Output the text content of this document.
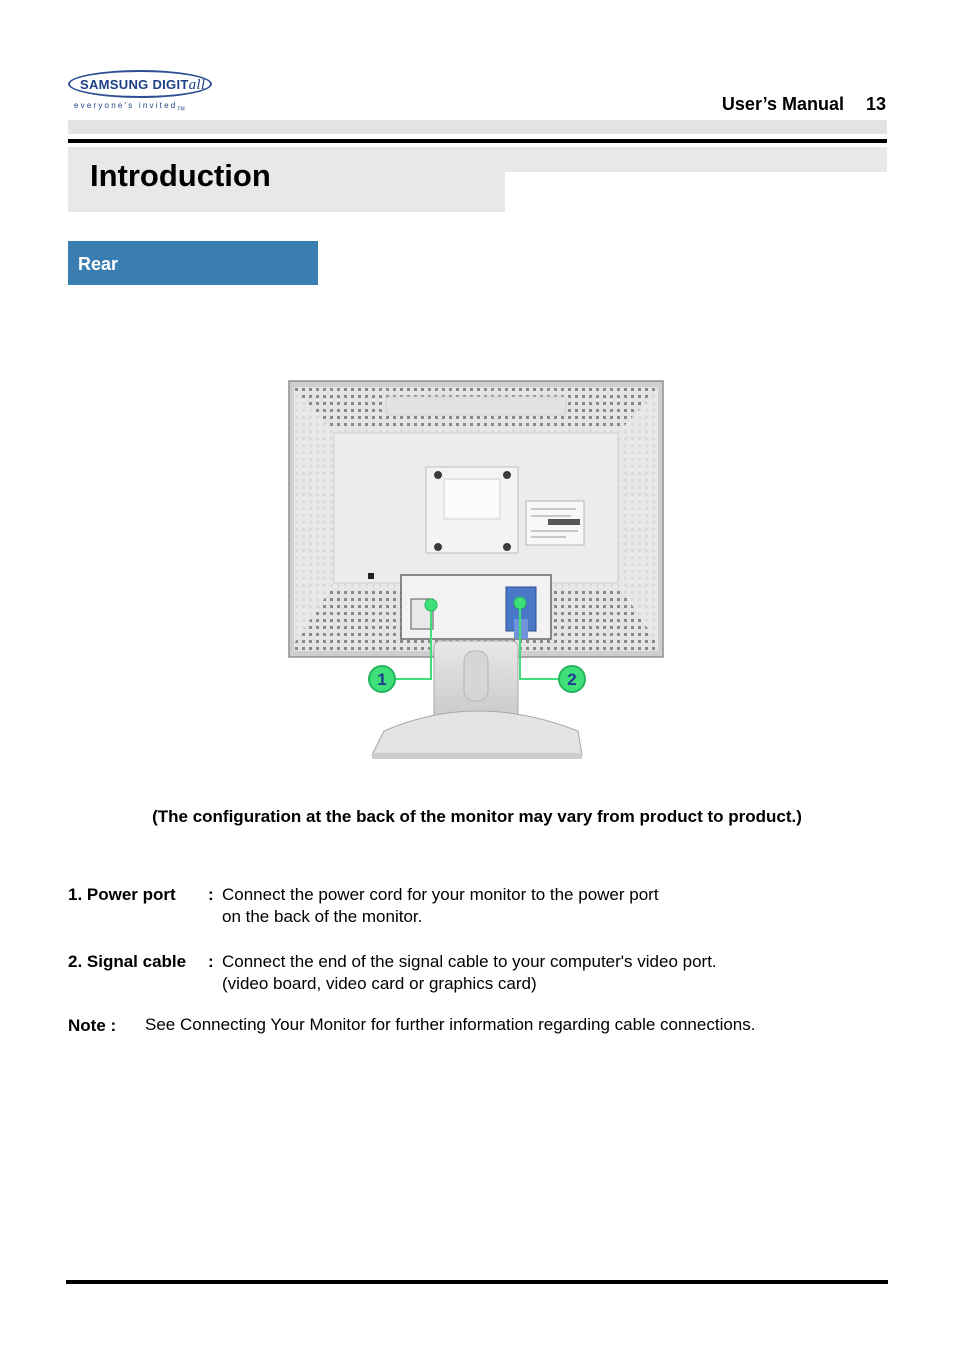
SAMSUNG DIGITall
everyone's invited$_{TM}$	User’s Manual 13
Introduction
Rear
1	2
(The configuration at the back of the monitor may vary from product to product.)
1. Power port : Connect the power cord for your monitor to the power port
on the back of the monitor.
2. Signal cable : Connect the end of the signal cable to your computer's video port.
(video board, video card or graphics card)
Note : See Connecting Your Monitor for further information regarding cable connections.
